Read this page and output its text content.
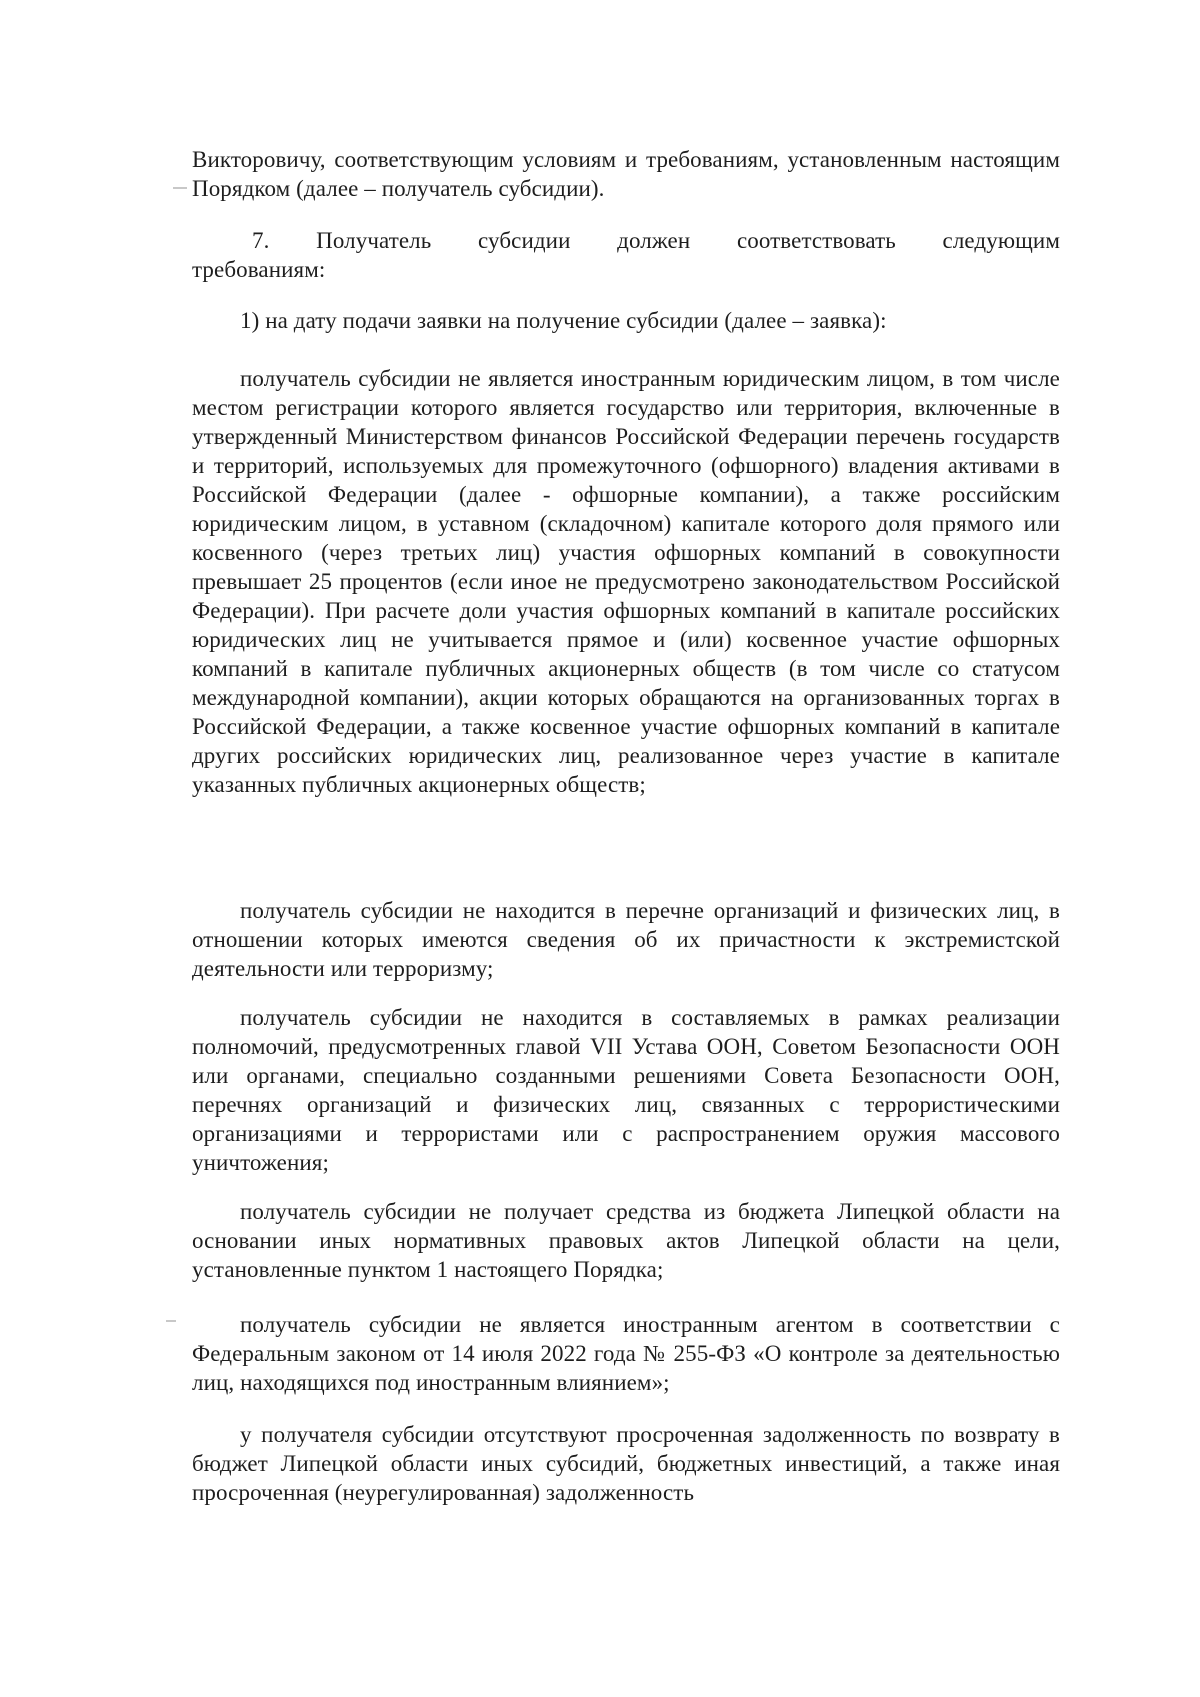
Викторовичу, соответствующим условиям и требованиям, установленным настоящим Порядком (далее – получатель субсидии).

7. Получатель субсидии должен соответствовать следующим требованиям:

1) на дату подачи заявки на получение субсидии (далее – заявка):

получатель субсидии не является иностранным юридическим лицом, в том числе местом регистрации которого является государство или территория, включенные в утвержденный Министерством финансов Российской Федерации перечень государств и территорий, используемых для промежуточного (офшорного) владения активами в Российской Федерации (далее - офшорные компании), а также российским юридическим лицом, в уставном (складочном) капитале которого доля прямого или косвенного (через третьих лиц) участия офшорных компаний в совокупности превышает 25 процентов (если иное не предусмотрено законодательством Российской Федерации). При расчете доли участия офшорных компаний в капитале российских юридических лиц не учитывается прямое и (или) косвенное участие офшорных компаний в капитале публичных акционерных обществ (в том числе со статусом международной компании), акции которых обращаются на организованных торгах в Российской Федерации, а также косвенное участие офшорных компаний в капитале других российских юридических лиц, реализованное через участие в капитале указанных публичных акционерных обществ;

получатель субсидии не находится в перечне организаций и физических лиц, в отношении которых имеются сведения об их причастности к экстремистской деятельности или терроризму;

получатель субсидии не находится в составляемых в рамках реализации полномочий, предусмотренных главой VII Устава ООН, Советом Безопасности ООН или органами, специально созданными решениями Совета Безопасности ООН, перечнях организаций и физических лиц, связанных с террористическими организациями и террористами или с распространением оружия массового уничтожения;

получатель субсидии не получает средства из бюджета Липецкой области на основании иных нормативных правовых актов Липецкой области на цели, установленные пунктом 1 настоящего Порядка;

получатель субсидии не является иностранным агентом в соответствии с Федеральным законом от 14 июля 2022 года № 255-ФЗ «О контроле за деятельностью лиц, находящихся под иностранным влиянием»;

у получателя субсидии отсутствуют просроченная задолженность по возврату в бюджет Липецкой области иных субсидий, бюджетных инвестиций, а также иная просроченная (неурегулированная) задолженность
